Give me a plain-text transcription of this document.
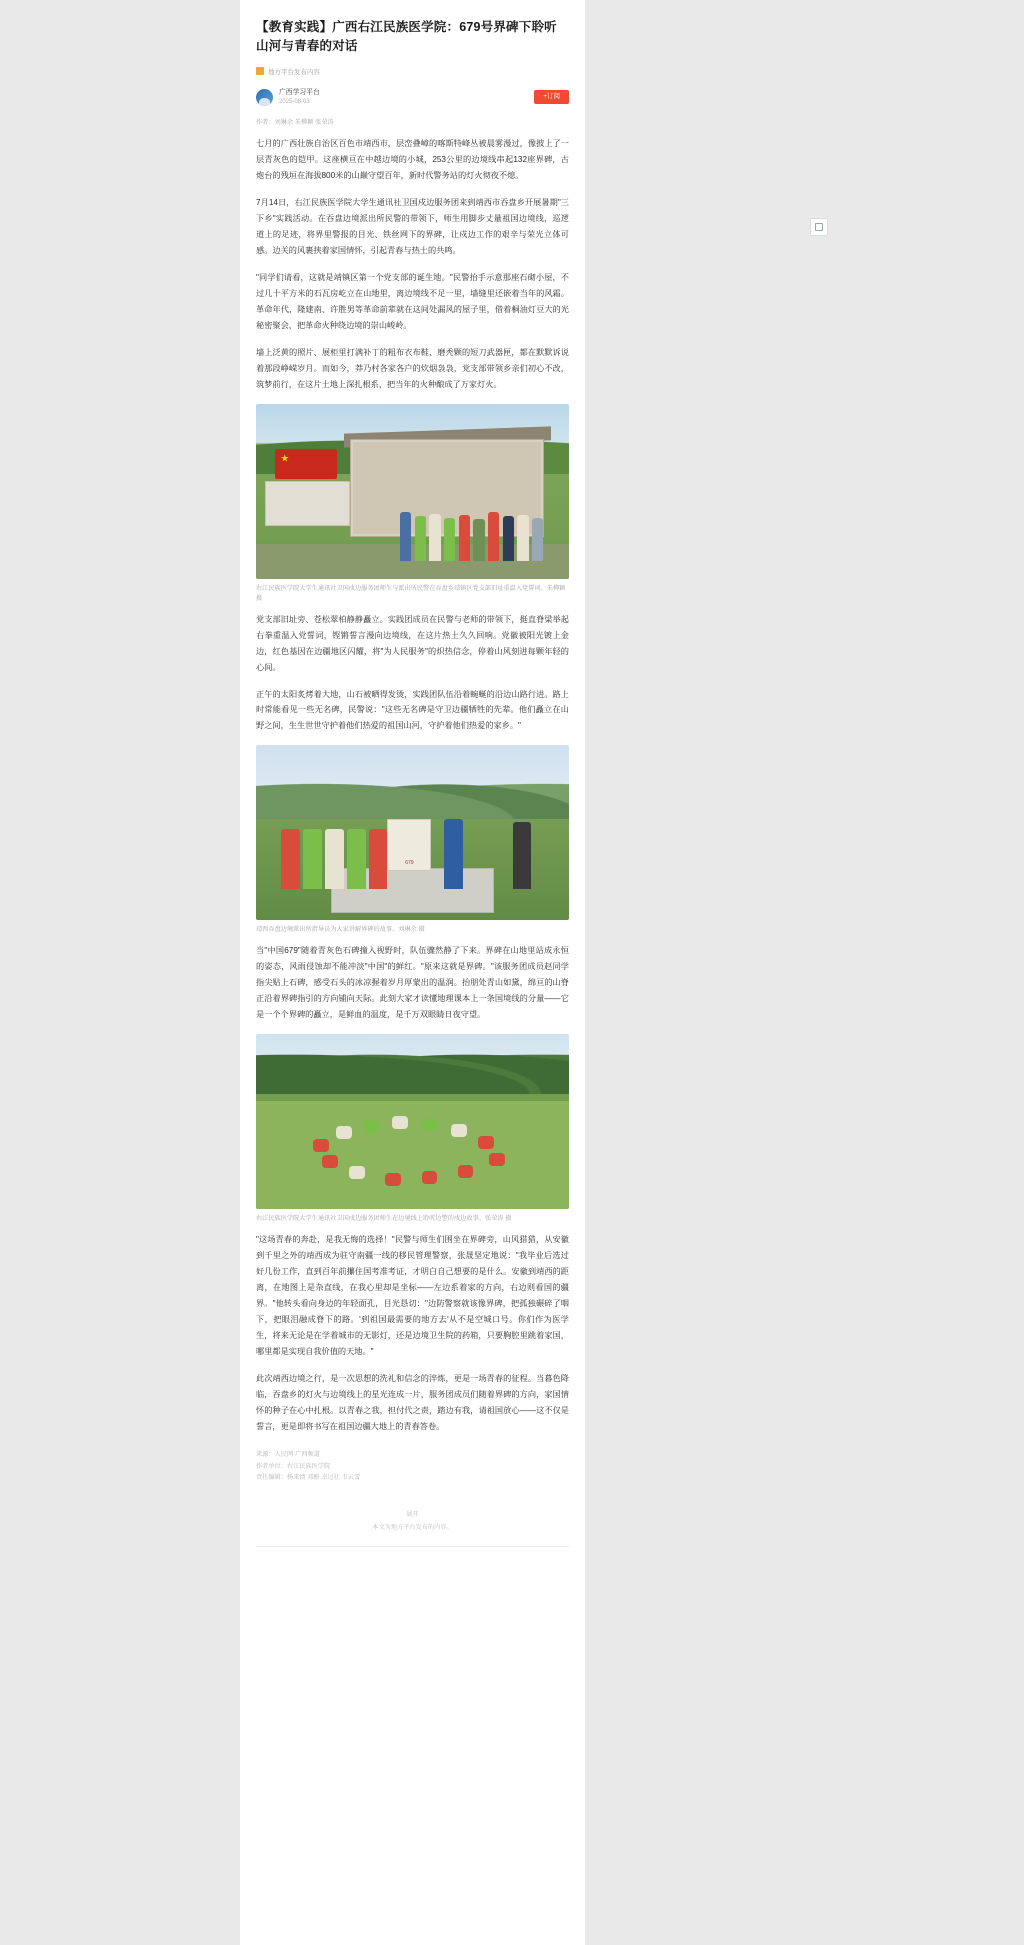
【教育实践】广西右江民族医学院：679号界碑下聆听山河与青春的对话
地方平台发布内容
广西学习平台
2025-08-03
+订阅
作者：刘琳余 朱柳颖 张荣涛

七月的广西壮族自治区百色市靖西市，层峦叠嶂的喀斯特峰丛被晨雾漫过，像披上了一层青灰色的铠甲。这座横亘在中越边境的小城，253公里的边境线串起132座界碑，古炮台的残垣在海拔800米的山巅守望百年，新时代警务站的灯火彻夜不熄。

7月14日，右江民族医学院大学生通讯社卫国戍边服务团来到靖西市吞盘乡开展暑期"三下乡"实践活动。在吞盘边境派出所民警的带领下，师生用脚步丈量祖国边境线，巡逻道上的足迹，将界里警报的目光、铁丝网下的界碑，让戍边工作的艰辛与荣光立体可感。边关的风裹挟着家国情怀，引起青春与热土的共鸣。

"同学们请看，这就是靖镇区第一个党支部的诞生地。"民警抬手示意那座石砌小屋，不过几十平方米的石瓦房屹立在山地里，离边境线不足一里，墙缝里还嵌着当年的风霜。革命年代，隆建南、许胜男等革命前辈就在这间处漏风的屋子里，借着桐油灯豆大的光秘密聚会，把革命火种绕边境的崇山峻岭。

墙上泛黄的照片、展柜里打满补丁的粗布衣布鞋、磨秃颗的短刀武器匣，都在默默诉说着那段峥嵘岁月。而如今，莽乃村各家各户的炊烟袅袅，党支部带领乡亲们初心不改，筑梦前行，在这片土地上深扎根系，把当年的火种酿成了万家灯火。

右江民族医学院大学生通讯社卫国戍边服务团师生与派出所民警在吞盘乡靖镇区党支部旧址重温入党誓词。朱柳颖 摄

党支部旧址旁、苍松翠柏静静矗立。实践团成员在民警与老师的带领下，挺直脊梁举起右拳重温入党誓词，铿锵誓言漫向边境线，在这片热土久久回响。党徽被阳光镀上金边，红色基因在边疆地区闪耀，将"为人民服务"的炽热信念，停着山风刻进每颗年轻的心间。

正午的太阳炙烤着大地，山石被晒得发烫，实践团队伍沿着蜿蜒的沿边山路行进。路上时常能看见一些无名碑，民警说："这些无名碑是守卫边疆牺牲的先辈。他们矗立在山野之间，生生世世守护着他们热爱的祖国山河，守护着他们热爱的家乡。"

679
靖西吞盘边境派出所指导员为大家讲解界碑的故事。刘琳余 摄

当"中国679"随着青灰色石碑撞入视野时，队伍骤然静了下来。界碑在山地里站成永恒的姿态，风雨侵蚀却不能冲淡"中国"的鲜红。"原来这就是界碑。"该服务团成员赵同学指尖贴上石碑，感受石头的冰凉握着岁月厚蒙出的温润。抬朋处青山如黛，绵亘的山脊正沿着界碑指引的方向铺向天际。此刻大家才读懂地理课本上一条国境线的分量——它是一个个界碑的矗立，是鲜血的温度，是千万双眼睛日夜守望。

右江民族医学院大学生通讯社卫国戍边服务团师生在边境线上聆听边警的戍边故事。张荣涛 摄

"这场青春的奔赴，是我无悔的选择！"民警与师生们围坐在界碑旁，山风猎猎，从安徽到千里之外的靖西成为驻守南疆一线的移民管理警察，张晟坚定地说："我毕业后选过好几份工作，直到百年前攥住国考准考证，才明白自己想要的是什么。安徽到靖西的距离，在地图上是杂直线，在我心里却是坐标——左边系着家的方向，右边则看国的疆界。"他转头看向身边的年轻面孔，目光恳切："边防警察就该像界碑，把孤独碾碎了咽下，把眼泪融成脊下的路。'到祖国最需要的地方去'从不是空城口号。你们作为医学生，将来无论是在学着城市的无影灯，还是边境卫生院的药箱，只要胸腔里跳着家国，哪里都是实现自我价值的天地。"

此次靖西边境之行，是一次思想的洗礼和信念的淬炼，更是一场青春的征程。当暮色降临，吞盘乡的灯火与边境线上的星光连成一片，服务团成员们随着界碑的方向，家国情怀的种子在心中扎根。以青春之我，担付代之责，踏边有我，请祖国放心——这不仅是誓言，更是即将书写在祖国边疆大地上的青春答卷。

来源：人民网·广西频道
作者单位：右江民族医学院
责任编辑：杨来情 邓酚 幸过社 韦云雪
展开
本文为地方平台发布的内容。
